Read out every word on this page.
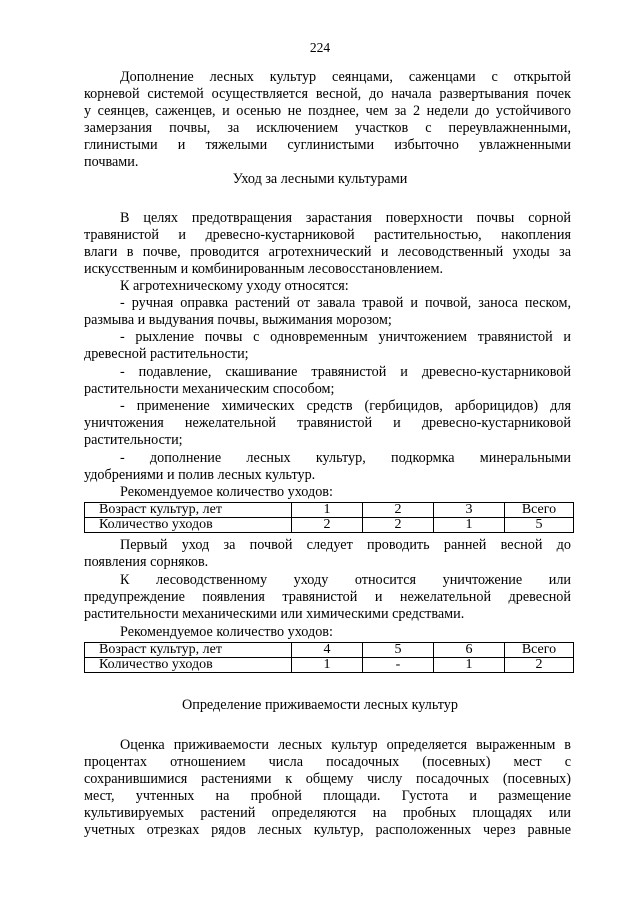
224
Дополнение лесных культур сеянцами, саженцами с открытой
корневой системой осуществляется весной, до начала развертывания почек
у сеянцев, саженцев, и осенью не позднее, чем за 2 недели до устойчивого
замерзания почвы, за исключением участков с переувлажненными,
глинистыми и тяжелыми суглинистыми избыточно увлажненными
почвами.
Уход за лесными культурами
В целях предотвращения зарастания поверхности почвы сорной
травянистой и древесно-кустарниковой растительностью, накопления
влаги в почве, проводится агротехнический и лесоводственный уходы за
искусственным и комбинированным лесовосстановлением.
К агротехническому уходу относятся:
- ручная оправка растений от завала травой и почвой, заноса песком,
размыва и выдувания почвы, выжимания морозом;
- рыхление почвы с одновременным уничтожением травянистой и
древесной растительности;
- подавление, скашивание травянистой и древесно-кустарниковой
растительности механическим способом;
- применение химических средств (гербицидов, арборицидов) для
уничтожения нежелательной травянистой и древесно-кустарниковой
растительности;
- дополнение лесных культур, подкормка минеральными
удобрениями и полив лесных культур.
Рекомендуемое количество уходов:
Возраст культур, лет	1	2	3	Всего
Количество уходов	2	2	1	5
Первый уход за почвой следует проводить ранней весной до
появления сорняков.
К лесоводственному уходу относится уничтожение или
предупреждение появления травянистой и нежелательной древесной
растительности механическими или химическими средствами.
Рекомендуемое количество уходов:
Возраст культур, лет	4	5	6	Всего
Количество уходов	1	-	1	2
Определение приживаемости лесных культур
Оценка приживаемости лесных культур определяется выраженным в
процентах отношением числа посадочных (посевных) мест с
сохранившимися растениями к общему числу посадочных (посевных)
мест, учтенных на пробной площади. Густота и размещение
культивируемых растений определяются на пробных площадях или
учетных отрезках рядов лесных культур, расположенных через равные
